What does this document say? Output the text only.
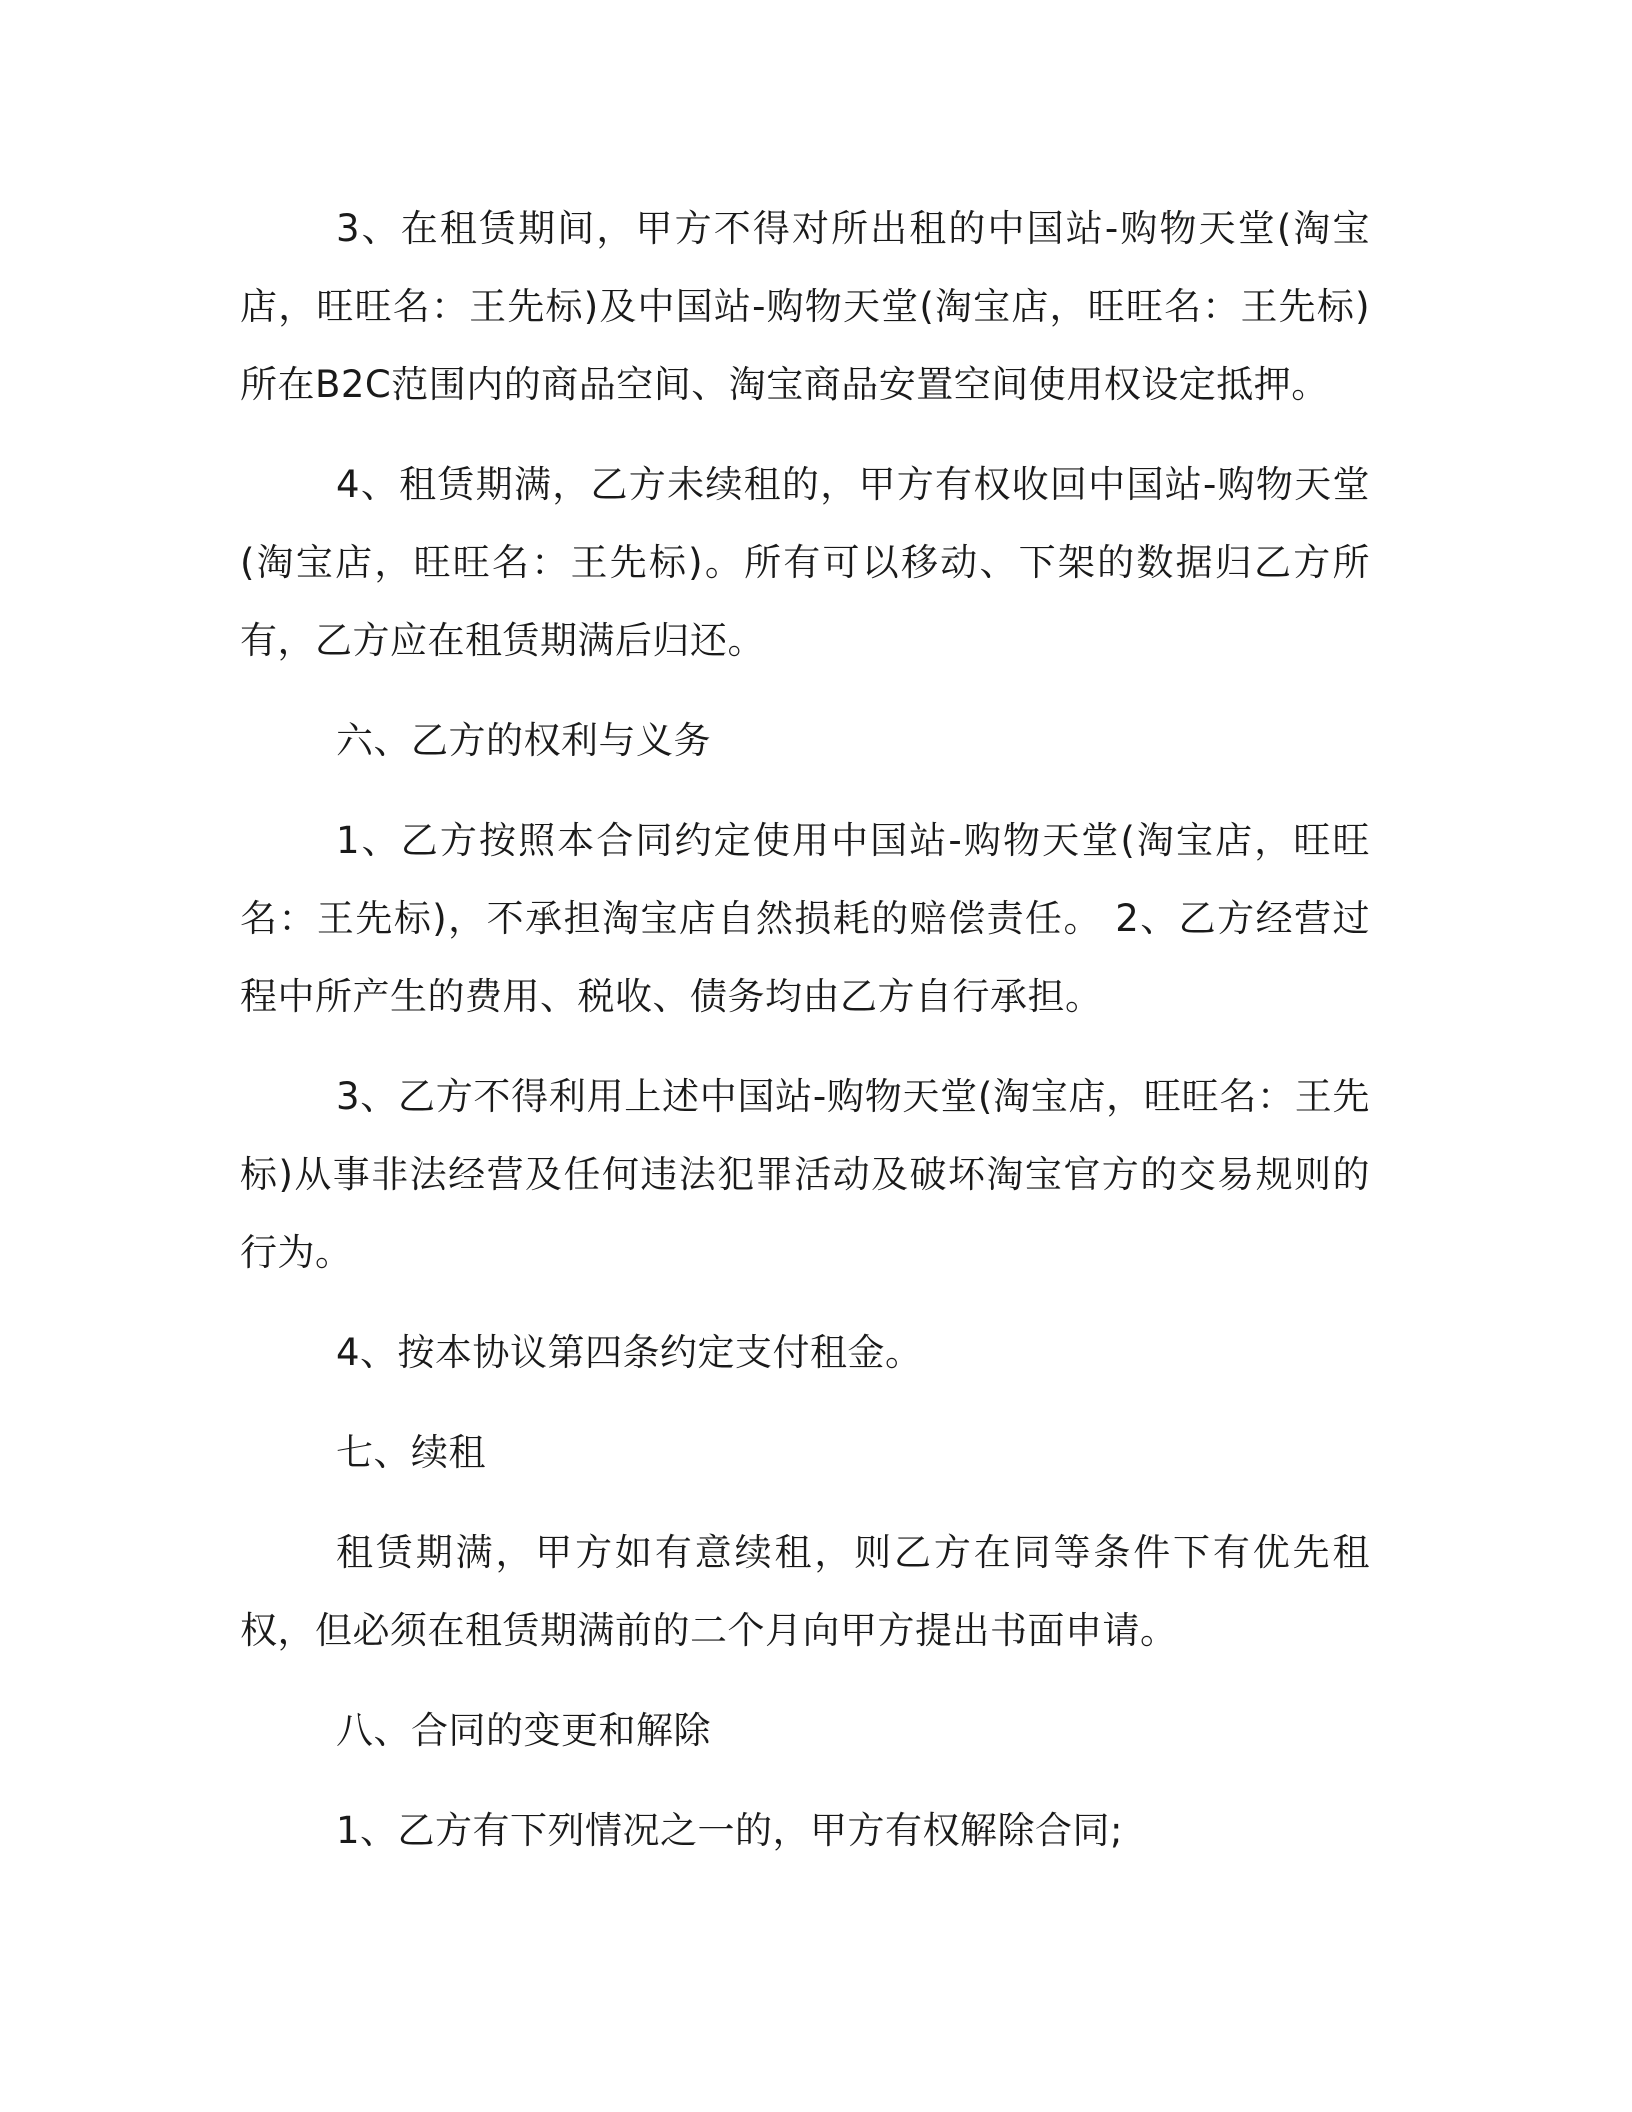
3、在租赁期间，甲方不得对所出租的中国站-购物天堂(淘宝店，旺旺名：王先标)及中国站-购物天堂(淘宝店，旺旺名：王先标)所在B2C范围内的商品空间、淘宝商品安置空间使用权设定抵押。

4、租赁期满，乙方未续租的，甲方有权收回中国站-购物天堂(淘宝店，旺旺名：王先标)。所有可以移动、下架的数据归乙方所有，乙方应在租赁期满后归还。

六、乙方的权利与义务

1、乙方按照本合同约定使用中国站-购物天堂(淘宝店，旺旺名：王先标)，不承担淘宝店自然损耗的赔偿责任。 2、乙方经营过程中所产生的费用、税收、债务均由乙方自行承担。

3、乙方不得利用上述中国站-购物天堂(淘宝店，旺旺名：王先标)从事非法经营及任何违法犯罪活动及破坏淘宝官方的交易规则的行为。

4、按本协议第四条约定支付租金。

七、续租

租赁期满，甲方如有意续租，则乙方在同等条件下有优先租权，但必须在租赁期满前的二个月向甲方提出书面申请。

八、合同的变更和解除

1、乙方有下列情况之一的，甲方有权解除合同;
